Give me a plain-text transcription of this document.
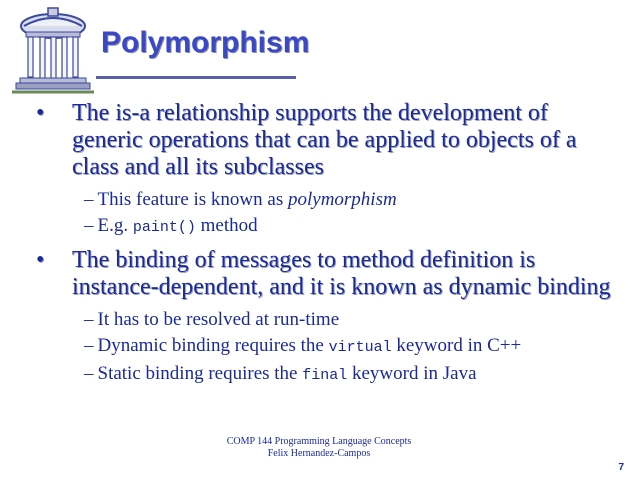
Polymorphism
•	The is-a relationship supports the development of generic operations that can be applied to objects of a class and all its subclasses
– This feature is known as polymorphism
– E.g. paint() method
•	The binding of messages to method definition is instance-dependent, and it is known as dynamic binding
– It has to be resolved at run-time
– Dynamic binding requires the virtual keyword in C++
– Static binding requires the final keyword in Java
COMP 144 Programming Language Concepts
Felix Hernandez-Campos
7
